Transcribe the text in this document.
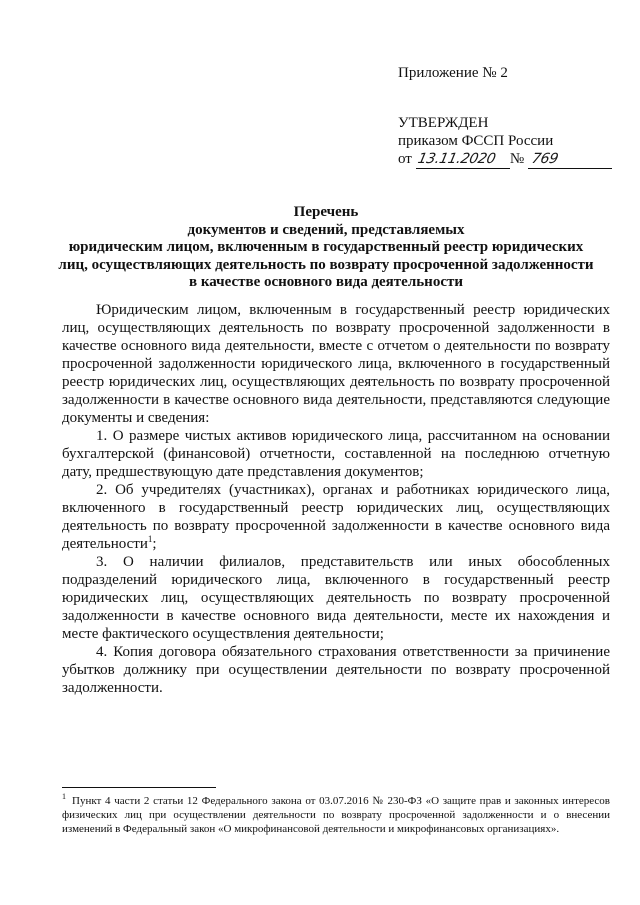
Приложение № 2
УТВЕРЖДЕН
приказом ФССП России
от 13.11.2020 № 769
Перечень
документов и сведений, представляемых
юридическим лицом, включенным в государственный реестр юридических
лиц, осуществляющих деятельность по возврату просроченной задолженности
в качестве основного вида деятельности

Юридическим лицом, включенным в государственный реестр юридических лиц, осуществляющих деятельность по возврату просроченной задолженности в качестве основного вида деятельности, вместе с отчетом о деятельности по возврату просроченной задолженности юридического лица, включенного в государственный реестр юридических лиц, осуществляющих деятельность по возврату просроченной задолженности в качестве основного вида деятельности, представляются следующие документы и сведения:

1. О размере чистых активов юридического лица, рассчитанном на основании бухгалтерской (финансовой) отчетности, составленной на последнюю отчетную дату, предшествующую дате представления документов;

2. Об учредителях (участниках), органах и работниках юридического лица, включенного в государственный реестр юридических лиц, осуществляющих деятельность по возврату просроченной задолженности в качестве основного вида деятельности$^1$;

3. О наличии филиалов, представительств или иных обособленных подразделений юридического лица, включенного в государственный реестр юридических лиц, осуществляющих деятельность по возврату просроченной задолженности в качестве основного вида деятельности, месте их нахождения и месте фактического осуществления деятельности;

4. Копия договора обязательного страхования ответственности за причинение убытков должнику при осуществлении деятельности по возврату просроченной задолженности.

$^1$ Пункт 4 части 2 статьи 12 Федерального закона от 03.07.2016 № 230-ФЗ «О защите прав и законных интересов физических лиц при осуществлении деятельности по возврату просроченной задолженности и о внесении изменений в Федеральный закон «О микрофинансовой деятельности и микрофинансовых организациях».
